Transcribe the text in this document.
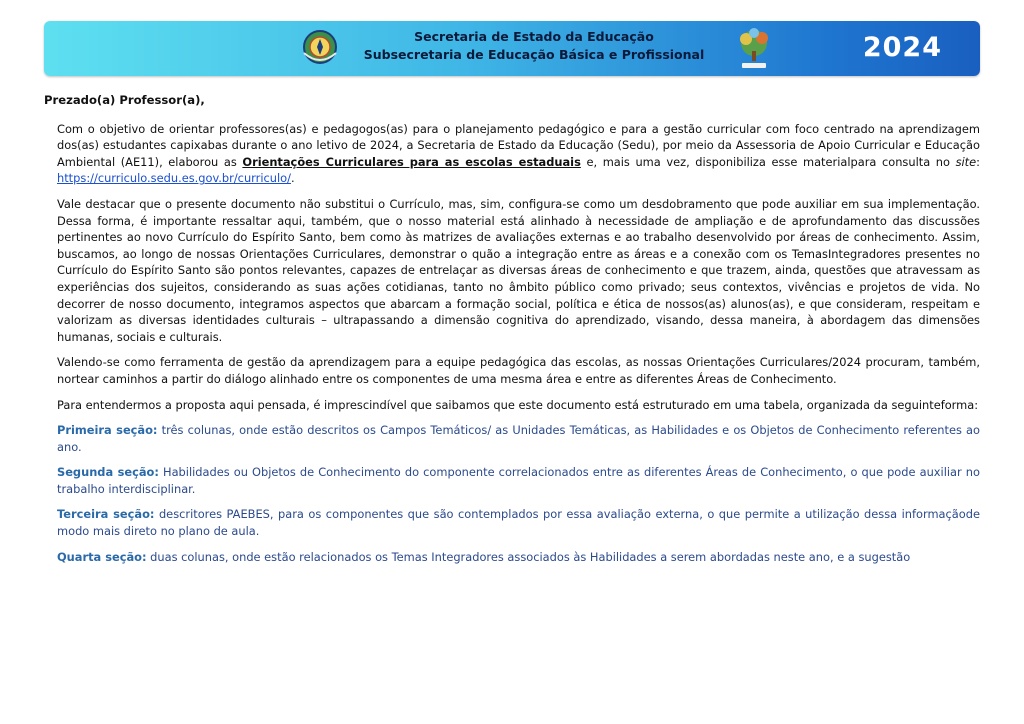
Secretaria de Estado da Educação
Subsecretaria de Educação Básica e Profissional	2024

Prezado(a) Professor(a),

Com o objetivo de orientar professores(as) e pedagogos(as) para o planejamento pedagógico e para a gestão curricular com foco centrado na aprendizagem dos(as) estudantes capixabas durante o ano letivo de 2024, a Secretaria de Estado da Educação (Sedu), por meio da Assessoria de Apoio Curricular e Educação Ambiental (AE11), elaborou as Orientações Curriculares para as escolas estaduais e, mais uma vez, disponibiliza esse materialpara consulta no site: https://curriculo.sedu.es.gov.br/curriculo/.

Vale destacar que o presente documento não substitui o Currículo, mas, sim, configura-se como um desdobramento que pode auxiliar em sua implementação. Dessa forma, é importante ressaltar aqui, também, que o nosso material está alinhado à necessidade de ampliação e de aprofundamento das discussões pertinentes ao novo Currículo do Espírito Santo, bem como às matrizes de avaliações externas e ao trabalho desenvolvido por áreas de conhecimento. Assim, buscamos, ao longo de nossas Orientações Curriculares, demonstrar o quão a integração entre as áreas e a conexão com os TemasIntegradores presentes no Currículo do Espírito Santo são pontos relevantes, capazes de entrelaçar as diversas áreas de conhecimento e que trazem, ainda, questões que atravessam as experiências dos sujeitos, considerando as suas ações cotidianas, tanto no âmbito público como privado; seus contextos, vivências e projetos de vida. No decorrer de nosso documento, integramos aspectos que abarcam a formação social, política e ética de nossos(as) alunos(as), e que consideram, respeitam e valorizam as diversas identidades culturais – ultrapassando a dimensão cognitiva do aprendizado, visando, dessa maneira, à abordagem das dimensões humanas, sociais e culturais.

Valendo-se como ferramenta de gestão da aprendizagem para a equipe pedagógica das escolas, as nossas Orientações Curriculares/2024 procuram, também, nortear caminhos a partir do diálogo alinhado entre os componentes de uma mesma área e entre as diferentes Áreas de Conhecimento.

Para entendermos a proposta aqui pensada, é imprescindível que saibamos que este documento está estruturado em uma tabela, organizada da seguinteforma:

Primeira seção: três colunas, onde estão descritos os Campos Temáticos/ as Unidades Temáticas, as Habilidades e os Objetos de Conhecimento referentes ao ano.

Segunda seção: Habilidades ou Objetos de Conhecimento do componente correlacionados entre as diferentes Áreas de Conhecimento, o que pode auxiliar no trabalho interdisciplinar.

Terceira seção: descritores PAEBES, para os componentes que são contemplados por essa avaliação externa, o que permite a utilização dessa informaçãode modo mais direto no plano de aula.

Quarta seção: duas colunas, onde estão relacionados os Temas Integradores associados às Habilidades a serem abordadas neste ano, e a sugestão
